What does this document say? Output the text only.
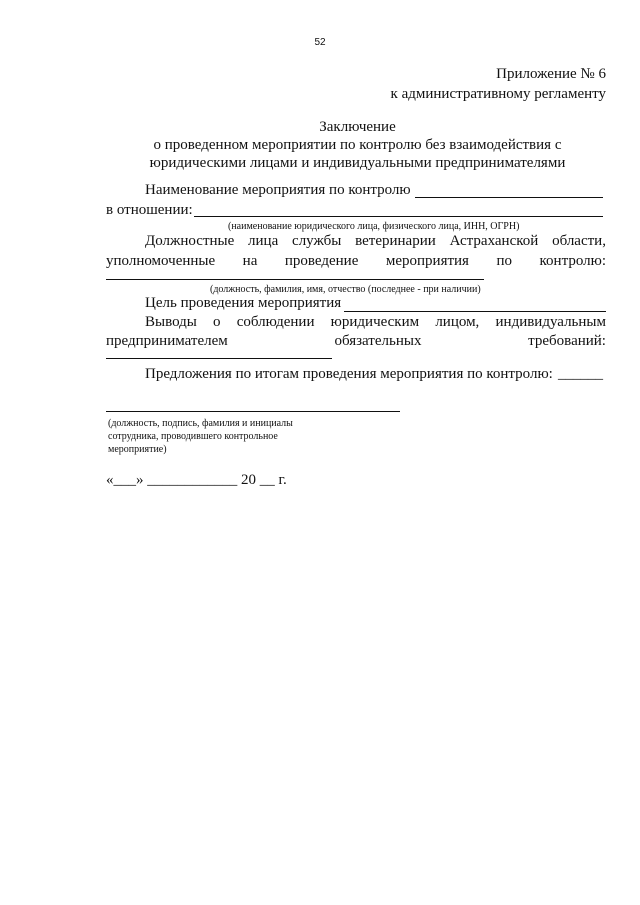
52
Приложение № 6
к административному регламенту
Заключение
о проведенном мероприятии по контролю без взаимодействия с
юридическими лицами и индивидуальными предпринимателями
Наименование мероприятия по контролю
в отношении:
(наименование юридического лица, физического лица, ИНН, ОГРН)
Должностные лица службы ветеринарии Астраханской области,
уполномоченные на проведение мероприятия по контролю:
(должность, фамилия, имя, отчество (последнее - при наличии)
Цель проведения мероприятия
Выводы о соблюдении юридическим лицом, индивидуальным
предпринимателем	обязательных	требований:
Предложения по итогам проведения мероприятия по контролю: ______
(должность, подпись, фамилия и инициалы сотрудника, проводившего контрольное мероприятие)
«___» ____________ 20 __ г.
